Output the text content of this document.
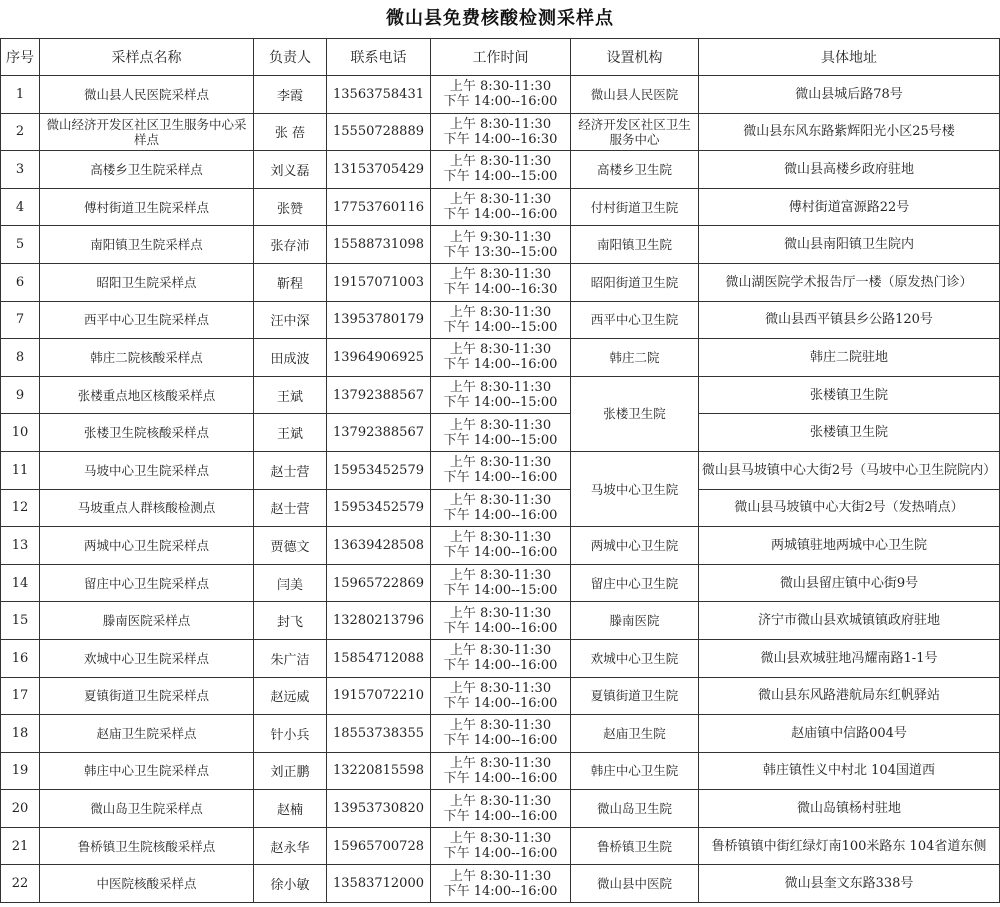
微山县免费核酸检测采样点
序号	采样点名称	负责人	联系电话	工作时间	设置机构	具体地址
1	微山县人民医院采样点	李霞	13563758431	上午 8:30-11:30
下午 14:00--16:00	微山县人民医院	微山县城后路78号
2	微山经济开发区社区卫生服务中心采样点	张 蓓	15550728889	上午 8:30-11:30
下午 14:00--16:30	经济开发区社区卫生服务中心	微山县东风东路紫辉阳光小区25号楼
3	高楼乡卫生院采样点	刘义磊	13153705429	上午 8:30-11:30
下午 14:00--15:00	高楼乡卫生院	微山县高楼乡政府驻地
4	傅村街道卫生院采样点	张赞	17753760116	上午 8:30-11:30
下午 14:00--16:00	付村街道卫生院	傅村街道富源路22号
5	南阳镇卫生院采样点	张存沛	15588731098	上午 9:30-11:30
下午 13:30--15:00	南阳镇卫生院	微山县南阳镇卫生院内
6	昭阳卫生院采样点	靳程	19157071003	上午 8:30-11:30
下午 14:00--16:30	昭阳街道卫生院	微山湖医院学术报告厅一楼（原发热门诊）
7	西平中心卫生院采样点	汪中深	13953780179	上午 8:30-11:30
下午 14:00--15:00	西平中心卫生院	微山县西平镇县乡公路120号
8	韩庄二院核酸采样点	田成波	13964906925	上午 8:30-11:30
下午 14:00--16:00	韩庄二院	韩庄二院驻地
9	张楼重点地区核酸采样点	王斌	13792388567	上午 8:30-11:30
下午 14:00--15:00	张楼卫生院	张楼镇卫生院
10	张楼卫生院核酸采样点	王斌	13792388567	上午 8:30-11:30
下午 14:00--15:00		张楼镇卫生院
11	马坡中心卫生院采样点	赵士营	15953452579	上午 8:30-11:30
下午 14:00--16:00	马坡中心卫生院	微山县马坡镇中心大街2号（马坡中心卫生院院内）
12	马坡重点人群核酸检测点	赵士营	15953452579	上午 8:30-11:30
下午 14:00--16:00		微山县马坡镇中心大街2号（发热哨点）
13	两城中心卫生院采样点	贾德文	13639428508	上午 8:30-11:30
下午 14:00--16:00	两城中心卫生院	两城镇驻地两城中心卫生院
14	留庄中心卫生院采样点	闫美	15965722869	上午 8:30-11:30
下午 14:00--15:00	留庄中心卫生院	微山县留庄镇中心街9号
15	滕南医院采样点	封飞	13280213796	上午 8:30-11:30
下午 14:00--16:00	滕南医院	济宁市微山县欢城镇镇政府驻地
16	欢城中心卫生院采样点	朱广洁	15854712088	上午 8:30-11:30
下午 14:00--16:00	欢城中心卫生院	微山县欢城驻地冯耀南路1-1号
17	夏镇街道卫生院采样点	赵远威	19157072210	上午 8:30-11:30
下午 14:00--16:00	夏镇街道卫生院	微山县东风路港航局东红帆驿站
18	赵庙卫生院采样点	针小兵	18553738355	上午 8:30-11:30
下午 14:00--16:00	赵庙卫生院	赵庙镇中信路004号
19	韩庄中心卫生院采样点	刘正鹏	13220815598	上午 8:30-11:30
下午 14:00--16:00	韩庄中心卫生院	韩庄镇性义中村北 104国道西
20	微山岛卫生院采样点	赵楠	13953730820	上午 8:30-11:30
下午 14:00--16:00	微山岛卫生院	微山岛镇杨村驻地
21	鲁桥镇卫生院核酸采样点	赵永华	15965700728	上午 8:30-11:30
下午 14:00--16:00	鲁桥镇卫生院	鲁桥镇镇中街红绿灯南100米路东 104省道东侧
22	中医院核酸采样点	徐小敏	13583712000	上午 8:30-11:30
下午 14:00--16:00	微山县中医院	微山县奎文东路338号
